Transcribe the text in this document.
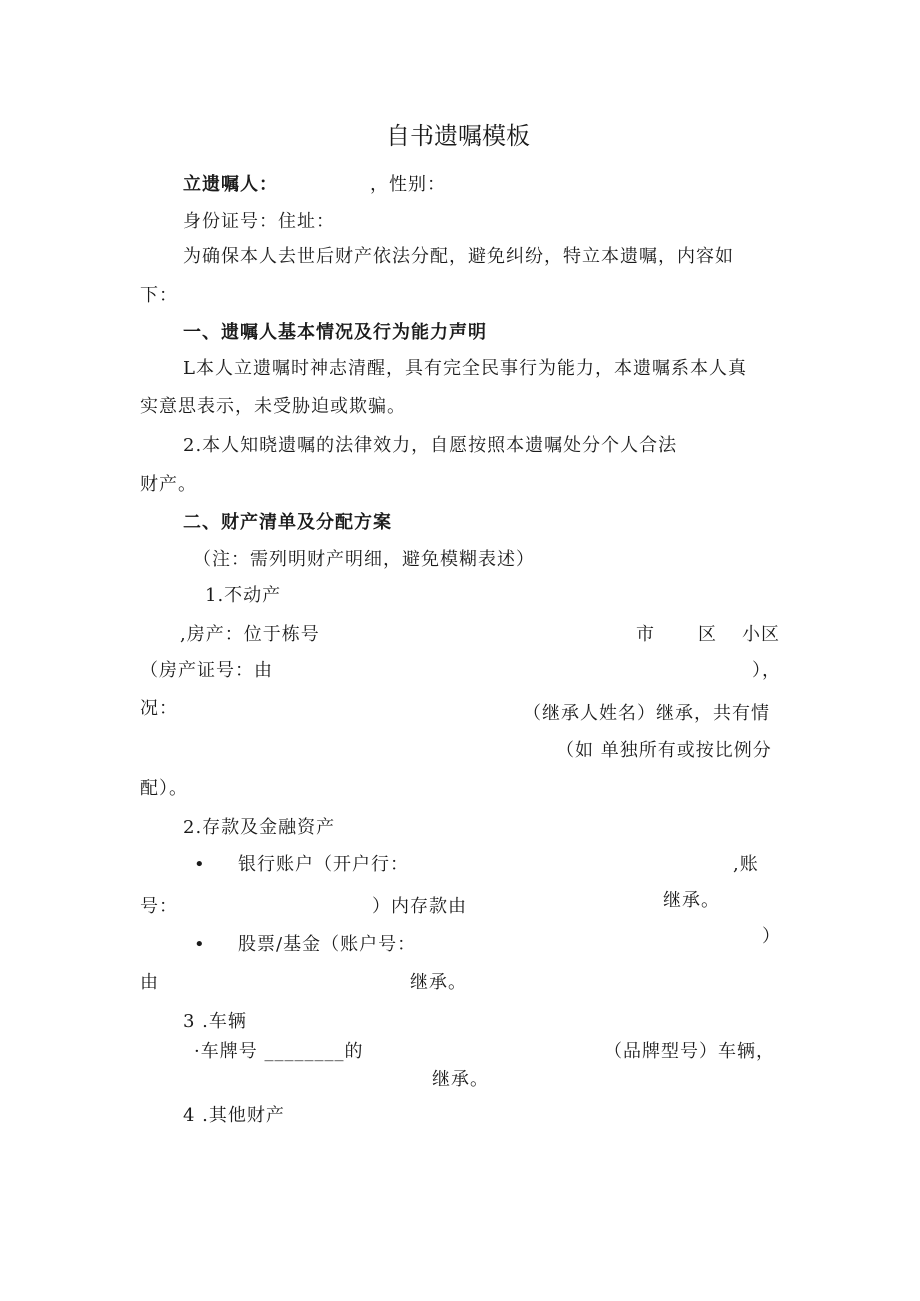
自书遗嘱模板
立遗嘱人：	，性别：
身份证号：住址：
为确保本人去世后财产依法分配，避免纠纷，特立本遗嘱，内容如
下：
一、遗嘱人基本情况及行为能力声明
L本人立遗嘱时神志清醒，具有完全民事行为能力，本遗嘱系本人真
实意思表示，未受胁迫或欺骗。
2.本人知晓遗嘱的法律效力，自愿按照本遗嘱处分个人合法
财产。
二、财产清单及分配方案
（注：需列明财产明细，避免模糊表述）
1.不动产
,房产：位于栋号	市 区 小区
（房产证号：由	），
况：	（继承人姓名）继承，共有情
（如 单独所有或按比例分
配）。
2.存款及金融资产
• 银行账户（开户行：	,账
继承。
号：	）内存款由
）
• 股票/基金（账户号：
由	继承。
3 .车辆
·车牌号 ________的	（品牌型号）车辆，
继承。
4 .其他财产
